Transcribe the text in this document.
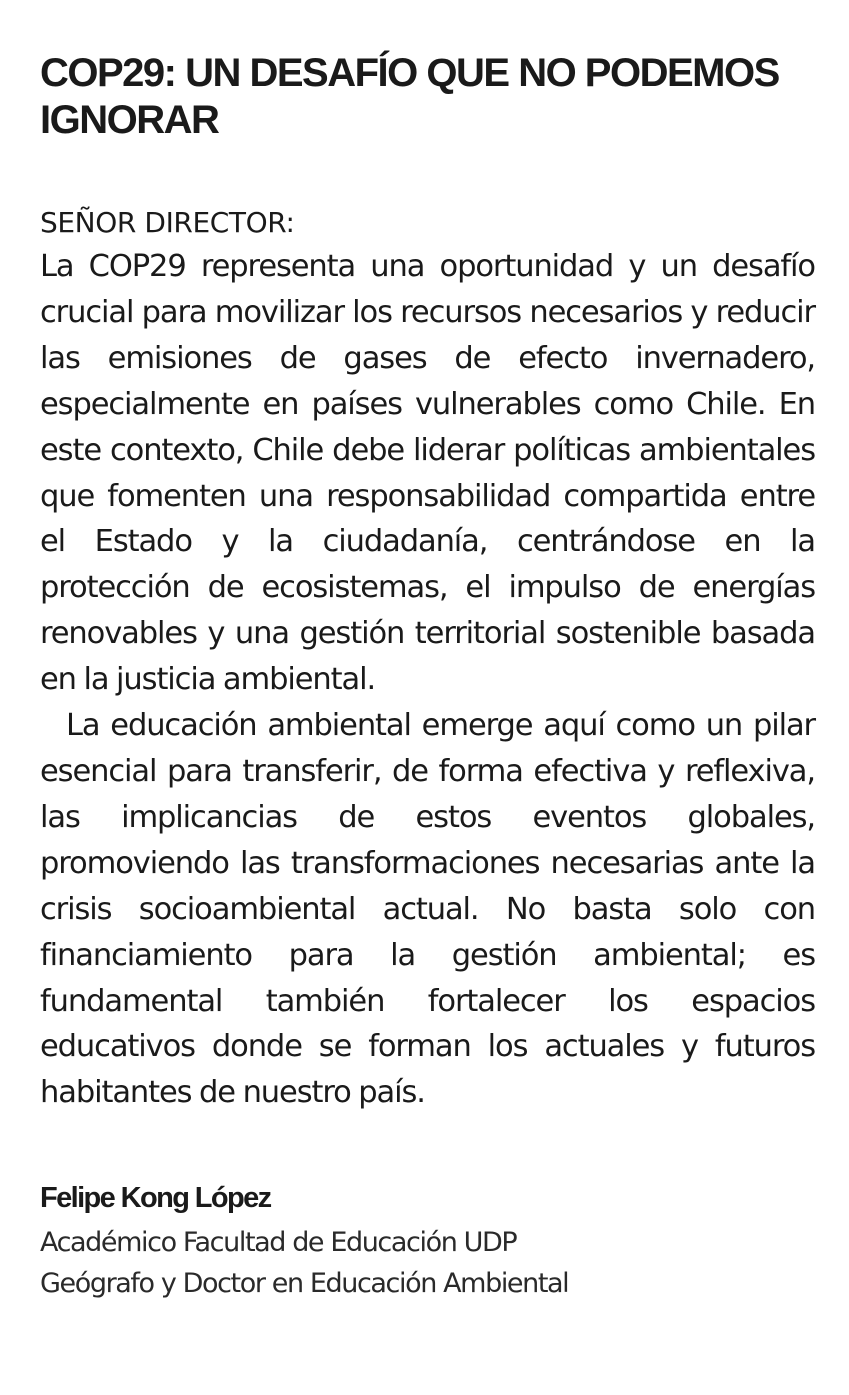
COP29: UN DESAFÍO QUE NO PODEMOS IGNORAR

SEÑOR DIRECTOR:

La COP29 representa una oportunidad y un desafío crucial para movilizar los recursos necesarios y reducir las emisiones de gases de efecto invernadero, especialmente en países vulnerables como Chile. En este contexto, Chile debe liderar políticas ambientales que fomenten una responsabilidad compartida entre el Estado y la ciudadanía, centrándose en la protección de ecosistemas, el impulso de energías renovables y una gestión territorial sostenible basada en la justicia ambiental.

La educación ambiental emerge aquí como un pilar esencial para transferir, de forma efectiva y reflexiva, las implicancias de estos eventos globales, promoviendo las transformaciones necesarias ante la crisis socioambiental actual. No basta solo con financiamiento para la gestión ambiental; es fundamental también fortalecer los espacios educativos donde se forman los actuales y futuros habitantes de nuestro país.

Felipe Kong López

Académico Facultad de Educación UDP

Geógrafo y Doctor en Educación Ambiental
